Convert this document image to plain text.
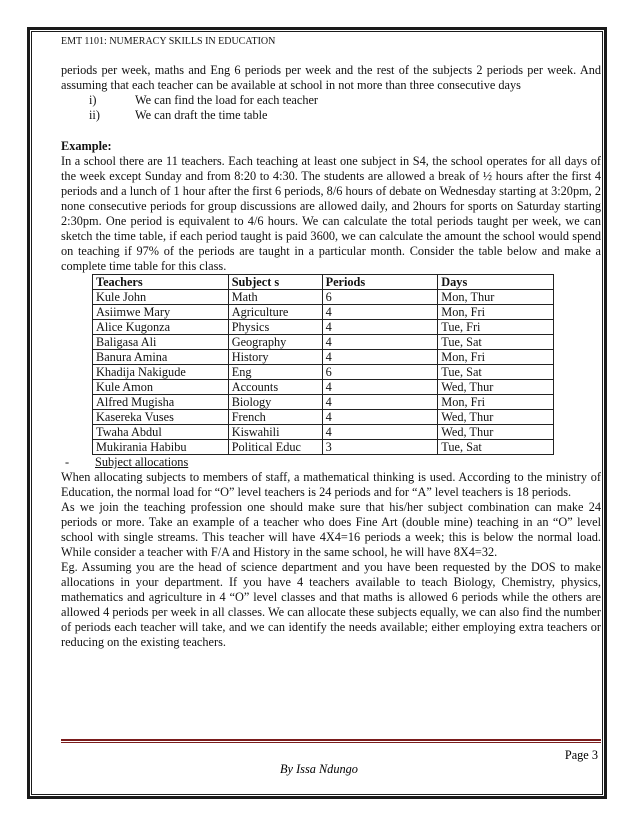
EMT 1101: NUMERACY SKILLS IN EDUCATION

periods per week, maths and Eng 6 periods per week and the rest of the subjects 2 periods per week. And assuming that each teacher can be available at school in not more than three consecutive days

i)	We can find the load for each teacher
ii)	We can draft the time table

Example:

In a school there are 11 teachers. Each teaching at least one subject in S4, the school operates for all days of the week except Sunday and from 8:20 to 4:30. The students are allowed a break of ½ hours after the first 4 periods and a lunch of 1 hour after the first 6 periods, 8/6 hours of debate on Wednesday starting at 3:20pm, 2 none consecutive periods for group discussions are allowed daily, and 2hours for sports on Saturday starting 2:30pm. One period is equivalent to 4/6 hours. We can calculate the total periods taught per week, we can sketch the time table, if each period taught is paid 3600, we can calculate the amount the school would spend on teaching if 97% of the periods are taught in a particular month. Consider the table below and make a complete time table for this class.

Teachers	Subject s	Periods	Days
Kule John	Math	6	Mon, Thur
Asiimwe Mary	Agriculture	4	Mon, Fri
Alice Kugonza	Physics	4	Tue, Fri
Baligasa Ali	Geography	4	Tue, Sat
Banura Amina	History	4	Mon, Fri
Khadija Nakigude	Eng	6	Tue, Sat
Kule Amon	Accounts	4	Wed, Thur
Alfred Mugisha	Biology	4	Mon, Fri
Kasereka Vuses	French	4	Wed, Thur
Twaha Abdul	Kiswahili	4	Wed, Thur
Mukirania Habibu	Political Educ	3	Tue, Sat
-	Subject allocations

When allocating subjects to members of staff, a mathematical thinking is used. According to the ministry of Education, the normal load for “O” level teachers is 24 periods and for “A” level teachers is 18 periods.

As we join the teaching profession one should make sure that his/her subject combination can make 24 periods or more. Take an example of a teacher who does Fine Art (double mine) teaching in an “O” level school with single streams. This teacher will have 4X4=16 periods a week; this is below the normal load. While consider a teacher with F/A and History in the same school, he will have 8X4=32.

Eg. Assuming you are the head of science department and you have been requested by the DOS to make allocations in your department. If you have 4 teachers available to teach Biology, Chemistry, physics, mathematics and agriculture in 4 “O” level classes and that maths is allowed 6 periods while the others are allowed 4 periods per week in all classes. We can allocate these subjects equally, we can also find the number of periods each teacher will take, and we can identify the needs available; either employing extra teachers or reducing on the existing teachers.

Page 3
By Issa Ndungo
